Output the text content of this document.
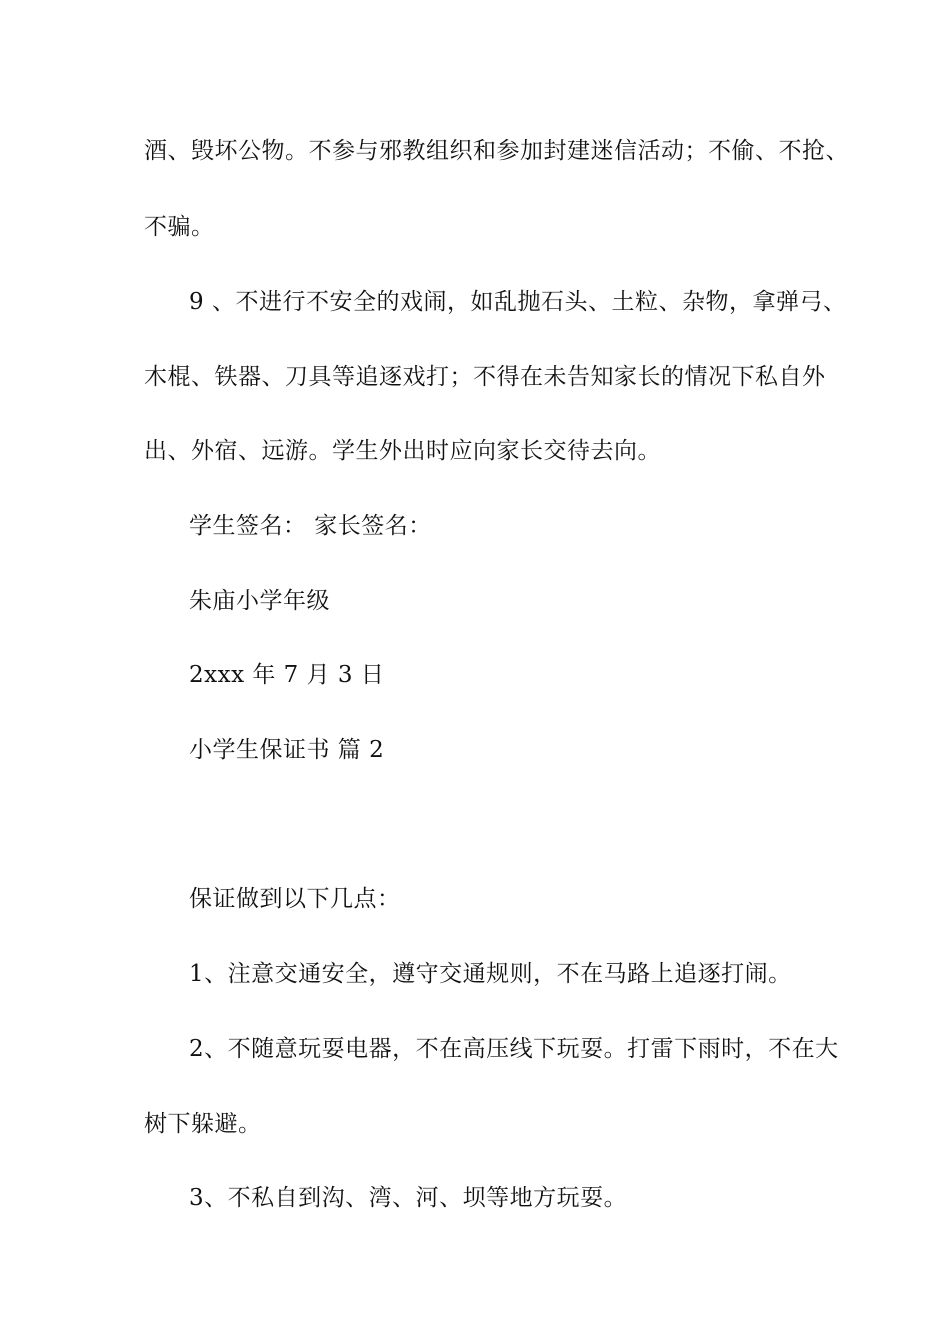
酒、毁坏公物。不参与邪教组织和参加封建迷信活动；不偷、不抢、
不骗。
9 、不进行不安全的戏闹，如乱抛石头、土粒、杂物，拿弹弓、
木棍、铁器、刀具等追逐戏打；不得在未告知家长的情况下私自外
出、外宿、远游。学生外出时应向家长交待去向。
学生签名： 家长签名：
朱庙小学年级
2xxx 年 7 月 3 日
小学生保证书 篇 2
保证做到以下几点：
1、注意交通安全，遵守交通规则，不在马路上追逐打闹。
2、不随意玩耍电器，不在高压线下玩耍。打雷下雨时，不在大
树下躲避。
3、不私自到沟、湾、河、坝等地方玩耍。
